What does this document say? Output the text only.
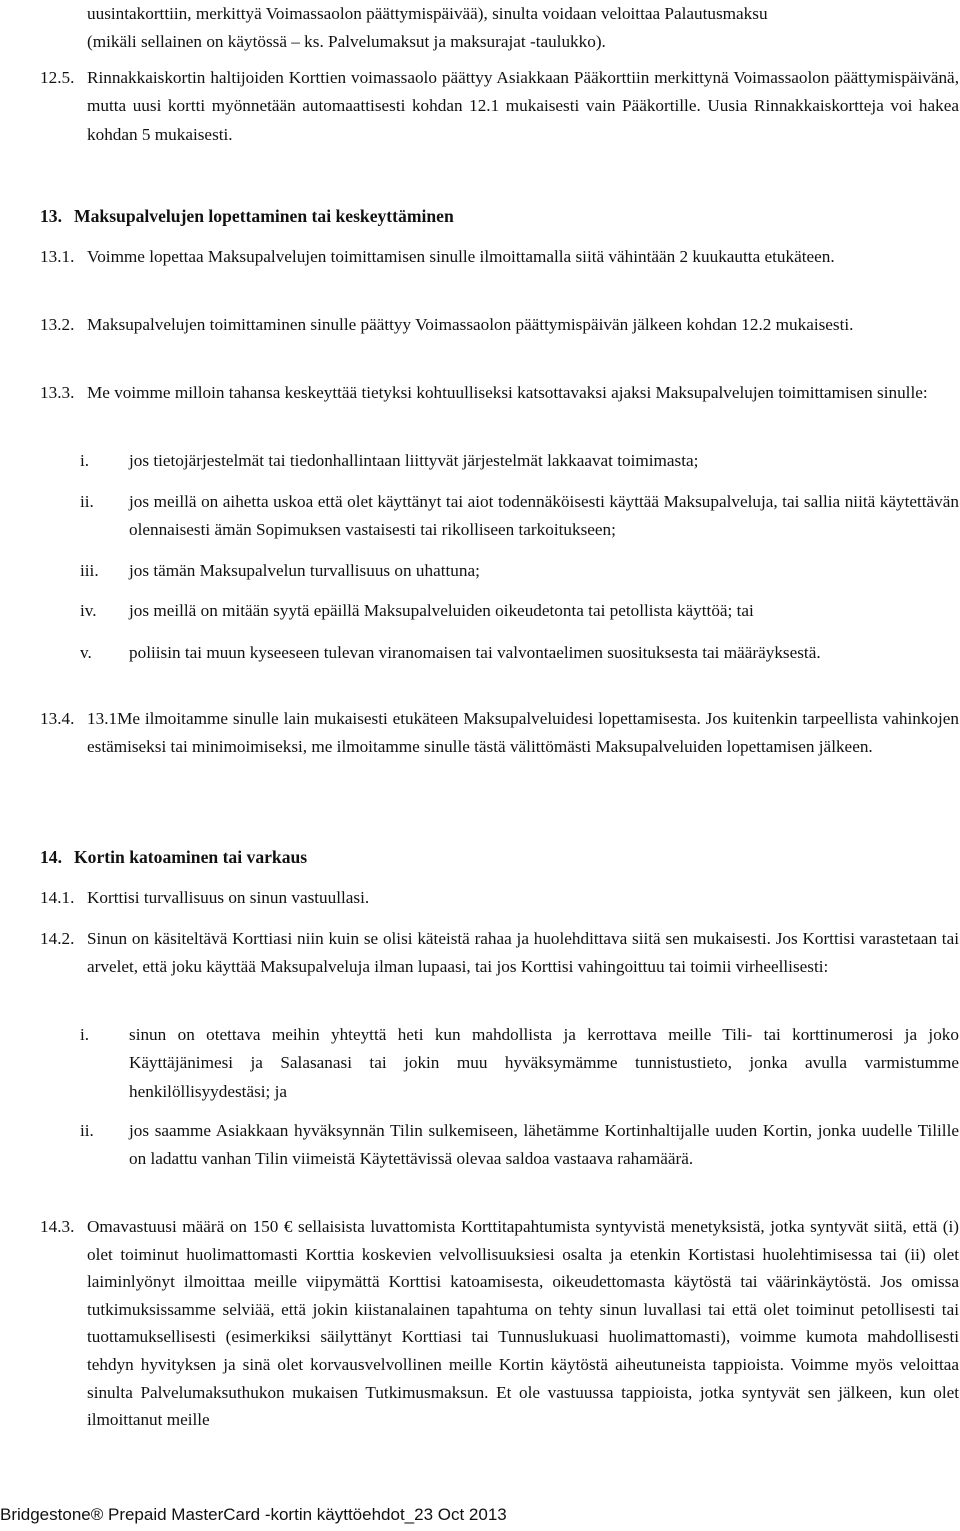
uusintakorttiin, merkittyä Voimassaolon päättymispäivää), sinulta voidaan veloittaa Palautusmaksu
(mikäli sellainen on käytössä – ks. Palvelumaksut ja maksurajat -taulukko).
12.5. Rinnakkaiskortin haltijoiden Korttien voimassaolo päättyy Asiakkaan Pääkorttiin merkittynä Voimassaolon päättymispäivänä, mutta uusi kortti myönnetään automaattisesti kohdan 12.1 mukaisesti vain Pääkortille. Uusia Rinnakkaiskortteja voi hakea kohdan 5 mukaisesti.
13. Maksupalvelujen lopettaminen tai keskeyttäminen
13.1. Voimme lopettaa Maksupalvelujen toimittamisen sinulle ilmoittamalla siitä vähintään 2 kuukautta etukäteen.
13.2. Maksupalvelujen toimittaminen sinulle päättyy Voimassaolon päättymispäivän jälkeen kohdan 12.2 mukaisesti.
13.3. Me voimme milloin tahansa keskeyttää tietyksi kohtuulliseksi katsottavaksi ajaksi Maksupalvelujen toimittamisen sinulle:
i.	jos tietojärjestelmät tai tiedonhallintaan liittyvät järjestelmät lakkaavat toimimasta;
ii.	jos meillä on aihetta uskoa että olet käyttänyt tai aiot todennäköisesti käyttää Maksupalveluja, tai sallia niitä käytettävän olennaisesti ämän Sopimuksen vastaisesti tai rikolliseen tarkoitukseen;
iii.	jos tämän Maksupalvelun turvallisuus on uhattuna;
iv.	jos meillä on mitään syytä epäillä Maksupalveluiden oikeudetonta tai petollista käyttöä; tai
v.	poliisin tai muun kyseeseen tulevan viranomaisen tai valvontaelimen suosituksesta tai määräyksestä.
13.4. 13.1Me ilmoitamme sinulle lain mukaisesti etukäteen Maksupalveluidesi lopettamisesta. Jos kuitenkin tarpeellista vahinkojen estämiseksi tai minimoimiseksi, me ilmoitamme sinulle tästä välittömästi Maksupalveluiden lopettamisen jälkeen.
14. Kortin katoaminen tai varkaus
14.1. Korttisi turvallisuus on sinun vastuullasi.
14.2. Sinun on käsiteltävä Korttiasi niin kuin se olisi käteistä rahaa ja huolehdittava siitä sen mukaisesti. Jos Korttisi varastetaan tai arvelet, että joku käyttää Maksupalveluja ilman lupaasi, tai jos Korttisi vahingoittuu tai toimii virheellisesti:
i.	sinun on otettava meihin yhteyttä heti kun mahdollista ja kerrottava meille Tili- tai korttinumerosi ja joko Käyttäjänimesi ja Salasanasi tai jokin muu hyväksymämme tunnistustieto, jonka avulla varmistumme henkilöllisyydestäsi; ja
ii.	jos saamme Asiakkaan hyväksynnän Tilin sulkemiseen, lähetämme Kortinhaltijalle uuden Kortin, jonka uudelle Tilille on ladattu vanhan Tilin viimeistä Käytettävissä olevaa saldoa vastaava rahamäärä.
14.3. Omavastuusi määrä on 150 € sellaisista luvattomista Korttitapahtumista syntyvistä menetyksistä, jotka syntyvät siitä, että (i) olet toiminut huolimattomasti Korttia koskevien velvollisuuksiesi osalta ja etenkin Kortistasi huolehtimisessa tai (ii) olet laiminlyönyt ilmoittaa meille viipymättä Korttisi katoamisesta, oikeudettomasta käytöstä tai väärinkäytöstä. Jos omissa tutkimuksissamme selviää, että jokin kiistanalainen tapahtuma on tehty sinun luvallasi tai että olet toiminut petollisesti tai tuottamuksellisesti (esimerkiksi säilyttänyt Korttiasi tai Tunnuslukuasi huolimattomasti), voimme kumota mahdollisesti tehdyn hyvityksen ja sinä olet korvausvelvollinen meille Kortin käytöstä aiheutuneista tappioista. Voimme myös veloittaa sinulta Palvelumaksuthukon mukaisen Tutkimusmaksun. Et ole vastuussa tappioista, jotka syntyvät sen jälkeen, kun olet ilmoittanut meille
Bridgestone® Prepaid MasterCard -kortin käyttöehdot_23 Oct 2013
